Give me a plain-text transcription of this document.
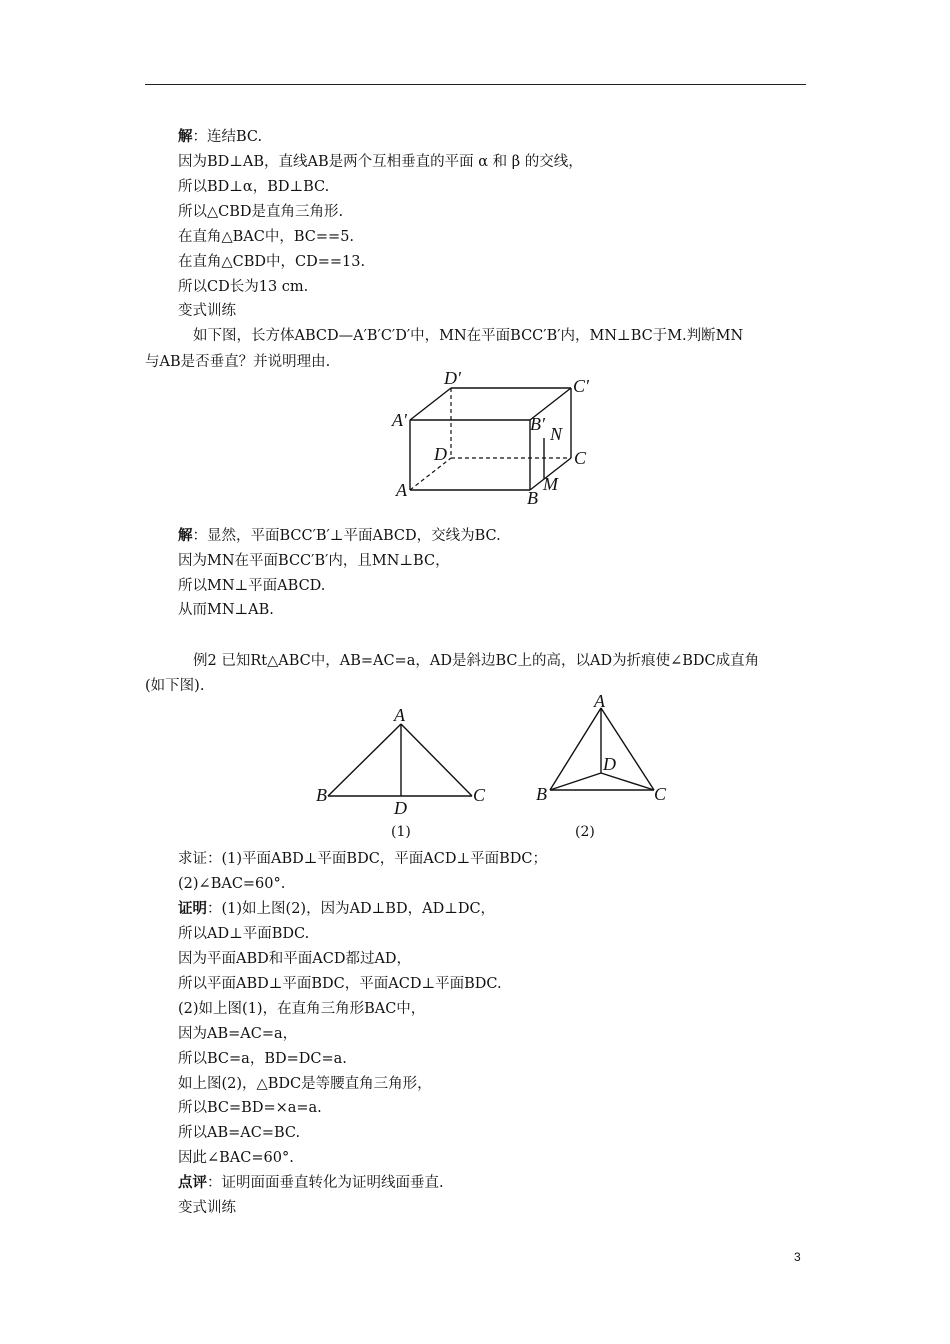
解：连结BC.
因为BD⊥AB，直线AB是两个互相垂直的平面 α 和 β 的交线，
所以BD⊥α，BD⊥BC.
所以△CBD是直角三角形.
在直角△BAC中，BC==5.
在直角△CBD中，CD==13.
所以CD长为13 cm.
变式训练
如下图，长方体ABCD—A′B′C′D′中，MN在平面BCC′B′内，MN⊥BC于M.判断MN
与AB是否垂直？并说明理由.
D′	C′
A′	B′ N
D	C
A	M
B
解：显然，平面BCC′B′⊥平面ABCD，交线为BC.
因为MN在平面BCC′B′内，且MN⊥BC，
所以MN⊥平面ABCD.
从而MN⊥AB.
例2 已知Rt△ABC中，AB=AC=a，AD是斜边BC上的高，以AD为折痕使∠BDC成直角
(如下图).
A
B	C
D
A
D
B	C
(1)	(2)
求证：(1)平面ABD⊥平面BDC，平面ACD⊥平面BDC；
(2)∠BAC=60°.
证明：(1)如上图(2)，因为AD⊥BD，AD⊥DC，
所以AD⊥平面BDC.
因为平面ABD和平面ACD都过AD，
所以平面ABD⊥平面BDC，平面ACD⊥平面BDC.
(2)如上图(1)，在直角三角形BAC中，
因为AB=AC=a，
所以BC=a，BD=DC=a.
如上图(2)，△BDC是等腰直角三角形，
所以BC=BD=×a=a.
所以AB=AC=BC.
因此∠BAC=60°.
点评：证明面面垂直转化为证明线面垂直.
变式训练
3
